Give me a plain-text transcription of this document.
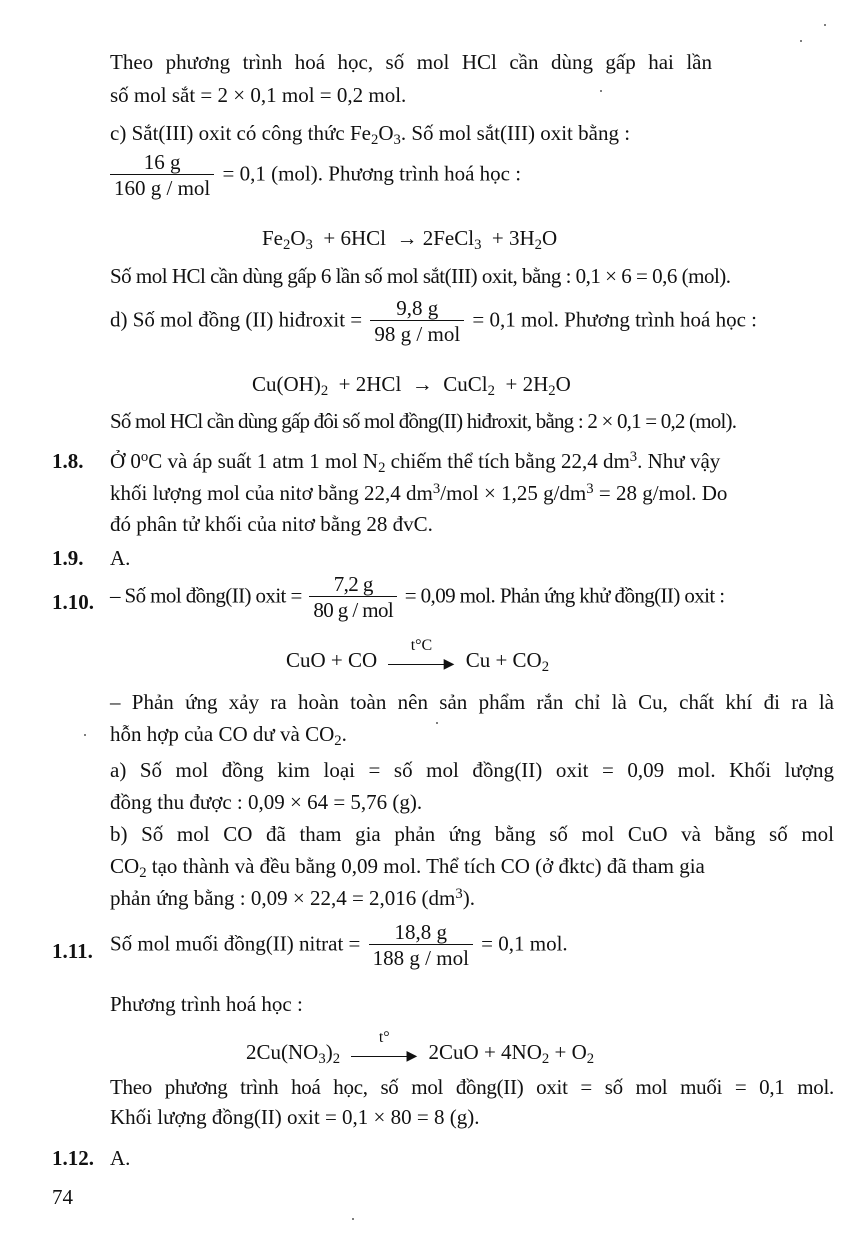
Theo phương trình hoá học, số mol HCl cần dùng gấp hai lần
số mol sắt = 2 × 0,1 mol = 0,2 mol.
c) Sắt(III) oxit có công thức $Fe_2O_3$. Số mol sắt(III) oxit bằng :
$\frac{16 g}{\text{160 g / mol}} = 0,1$ (mol). Phương trình hoá học :
$Fe_2O_3 + 6HCl$ → 2FeCl$_3$ + $3H_2O$
Số mol HCl cần dùng gấp 6 lần số mol sắt(III) oxit, bằng : 0,1 × 6 = 0,6 (mol).
d) Số mol đồng (II) hiđroxit = $\frac{9,8 g}{\text{98 g / mol}} = 0,1$ mol. Phương trình hoá học :
$Cu(OH)_2 + 2HCl$ → CuCl$_2$ + $2H_2O$
Số mol HCl cần dùng gấp đôi số mol đồng(II) hiđroxit, bằng : 2 × 0,1 = 0,2 (mol).
1.8. Ở 0$^o$C và áp suất 1 atm 1 mol $N_2$ chiếm thể tích bằng 22,4 $dm^3$. Như vậy
khối lượng mol của nitơ bằng 22,4 $dm^3$/mol × 1,25 $g/dm^3 = 28$ g/mol. Do
đó phân tử khối của nitơ bằng 28 đvC.
1.9. A.
1.10. – Số mol đồng(II) oxit = $\frac{7,2 g}{\text{80 g / mol}} = 0,09$ mol. Phản ứng khử đồng(II) oxit :
CuO + CO
t°C
▶ $Cu + CO_2$
– Phản ứng xảy ra hoàn toàn nên sản phẩm rắn chỉ là Cu, chất khí đi ra là
hỗn hợp của CO dư và $CO_2$.
a) Số mol đồng kim loại = số mol đồng(II) oxit = 0,09 mol. Khối lượng
đồng thu được : 0,09 × 64 = 5,76 (g).
b) Số mol CO đã tham gia phản ứng bằng số mol CuO và bằng số mol
$CO_2$ tạo thành và đều bằng 0,09 mol. Thể tích CO (ở đktc) đã tham gia
phản ứng bằng : 0,09 × 22,4 = 2,016 $(dm^3)$.
1.11. Số mol muối đồng(II) nitrat = $\frac{18,8 g}{\text{188 g / mol}} = 0,1$ mol.
Phương trình hoá học :
$2Cu(NO_3)_2$
t°
▶ $2CuO + 4NO_2 + O_2$
Theo phương trình hoá học, số mol đồng(II) oxit = số mol muối = 0,1 mol.
Khối lượng đồng(II) oxit = 0,1 × 80 = 8 (g).
1.12. A.
74
